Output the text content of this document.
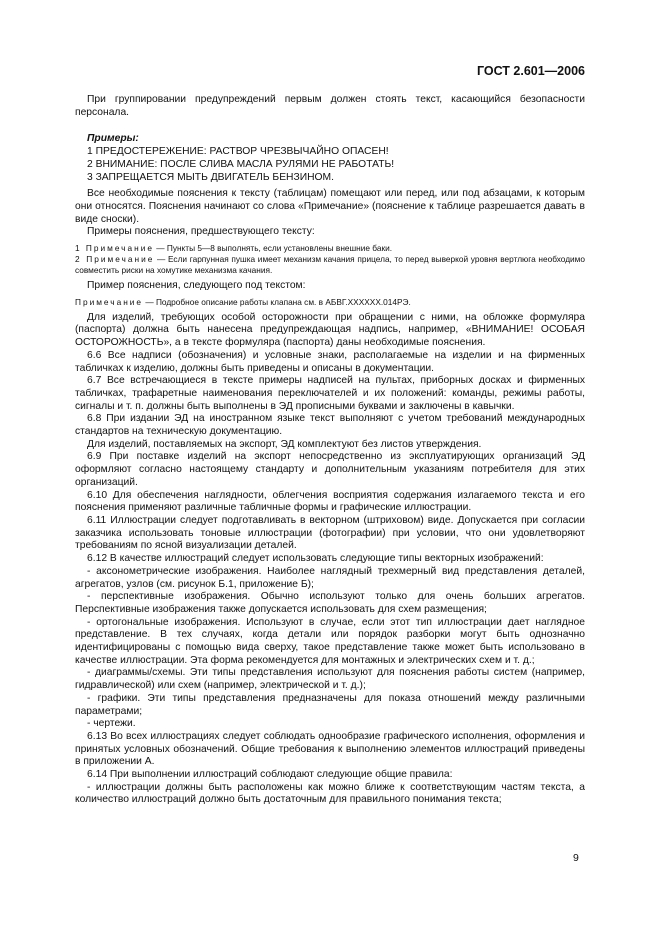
ГОСТ 2.601—2006

При группировании предупреждений первым должен стоять текст, касающийся безопасности персонала.

Примеры:

1 ПРЕДОСТЕРЕЖЕНИЕ: РАСТВОР ЧРЕЗВЫЧАЙНО ОПАСЕН!

2 ВНИМАНИЕ: ПОСЛЕ СЛИВА МАСЛА РУЛЯМИ НЕ РАБОТАТЬ!

3 ЗАПРЕЩАЕТСЯ МЫТЬ ДВИГАТЕЛЬ БЕНЗИНОМ.

Все необходимые пояснения к тексту (таблицам) помещают или перед, или под абзацами, к которым они относятся. Пояснения начинают со слова «Примечание» (пояснение к таблице разрешается давать в виде сноски).

Примеры пояснения, предшествующего тексту:

1 Примечание — Пункты 5—8 выполнять, если установлены внешние баки.

2 Примечание — Если гарпунная пушка имеет механизм качания прицела, то перед выверкой уровня вертлюга необходимо совместить риски на хомутике механизма качания.

Пример пояснения, следующего под текстом:

Примечание — Подробное описание работы клапана см. в АБВГ.XXXXXX.014РЭ.

Для изделий, требующих особой осторожности при обращении с ними, на обложке формуляра (паспорта) должна быть нанесена предупреждающая надпись, например, «ВНИМАНИЕ! ОСОБАЯ ОСТОРОЖНОСТЬ», а в тексте формуляра (паспорта) даны необходимые пояснения.

6.6 Все надписи (обозначения) и условные знаки, располагаемые на изделии и на фирменных табличках к изделию, должны быть приведены и описаны в документации.

6.7 Все встречающиеся в тексте примеры надписей на пультах, приборных досках и фирменных табличках, трафаретные наименования переключателей и их положений: команды, режимы работы, сигналы и т. п. должны быть выполнены в ЭД прописными буквами и заключены в кавычки.

6.8 При издании ЭД на иностранном языке текст выполняют с учетом требований международных стандартов на техническую документацию.

Для изделий, поставляемых на экспорт, ЭД комплектуют без листов утверждения.

6.9 При поставке изделий на экспорт непосредственно из эксплуатирующих организаций ЭД оформляют согласно настоящему стандарту и дополнительным указаниям потребителя для этих организаций.

6.10 Для обеспечения наглядности, облегчения восприятия содержания излагаемого текста и его пояснения применяют различные табличные формы и графические иллюстрации.

6.11 Иллюстрации следует подготавливать в векторном (штриховом) виде. Допускается при согласии заказчика использовать тоновые иллюстрации (фотографии) при условии, что они удовлетворяют требованиям по ясной визуализации деталей.

6.12 В качестве иллюстраций следует использовать следующие типы векторных изображений:

- аксонометрические изображения. Наиболее наглядный трехмерный вид представления деталей, агрегатов, узлов (см. рисунок Б.1, приложение Б);

- перспективные изображения. Обычно используют только для очень больших агрегатов. Перспективные изображения также допускается использовать для схем размещения;

- ортогональные изображения. Используют в случае, если этот тип иллюстрации дает наглядное представление. В тех случаях, когда детали или порядок разборки могут быть однозначно идентифицированы с помощью вида сверху, такое представление также может быть использовано в качестве иллюстрации. Эта форма рекомендуется для монтажных и электрических схем и т. д.;

- диаграммы/схемы. Эти типы представления используют для пояснения работы систем (например, гидравлической) или схем (например, электрической и т. д.);

- графики. Эти типы представления предназначены для показа отношений между различными параметрами;

- чертежи.

6.13 Во всех иллюстрациях следует соблюдать однообразие графического исполнения, оформления и принятых условных обозначений. Общие требования к выполнению элементов иллюстраций приведены в приложении А.

6.14 При выполнении иллюстраций соблюдают следующие общие правила:

- иллюстрации должны быть расположены как можно ближе к соответствующим частям текста, а количество иллюстраций должно быть достаточным для правильного понимания текста;

9
